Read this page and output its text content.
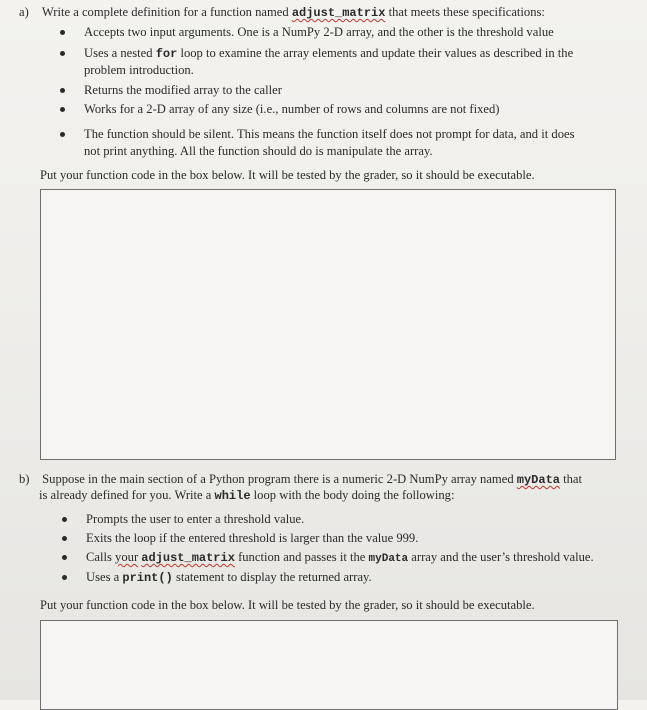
a) Write a complete definition for a function named adjust_matrix that meets these specifications:
Accepts two input arguments. One is a NumPy 2-D array, and the other is the threshold value
Uses a nested for loop to examine the array elements and update their values as described in the
problem introduction.
Returns the modified array to the caller
Works for a 2-D array of any size (i.e., number of rows and columns are not fixed)
The function should be silent. This means the function itself does not prompt for data, and it does
not print anything. All the function should do is manipulate the array.
Put your function code in the box below. It will be tested by the grader, so it should be executable.
b) Suppose in the main section of a Python program there is a numeric 2-D NumPy array named myData that
is already defined for you. Write a while loop with the body doing the following:
Prompts the user to enter a threshold value.
Exits the loop if the entered threshold is larger than the value 999.
Calls your adjust_matrix function and passes it the myData array and the user’s threshold value.
Uses a print() statement to display the returned array.
Put your function code in the box below. It will be tested by the grader, so it should be executable.
